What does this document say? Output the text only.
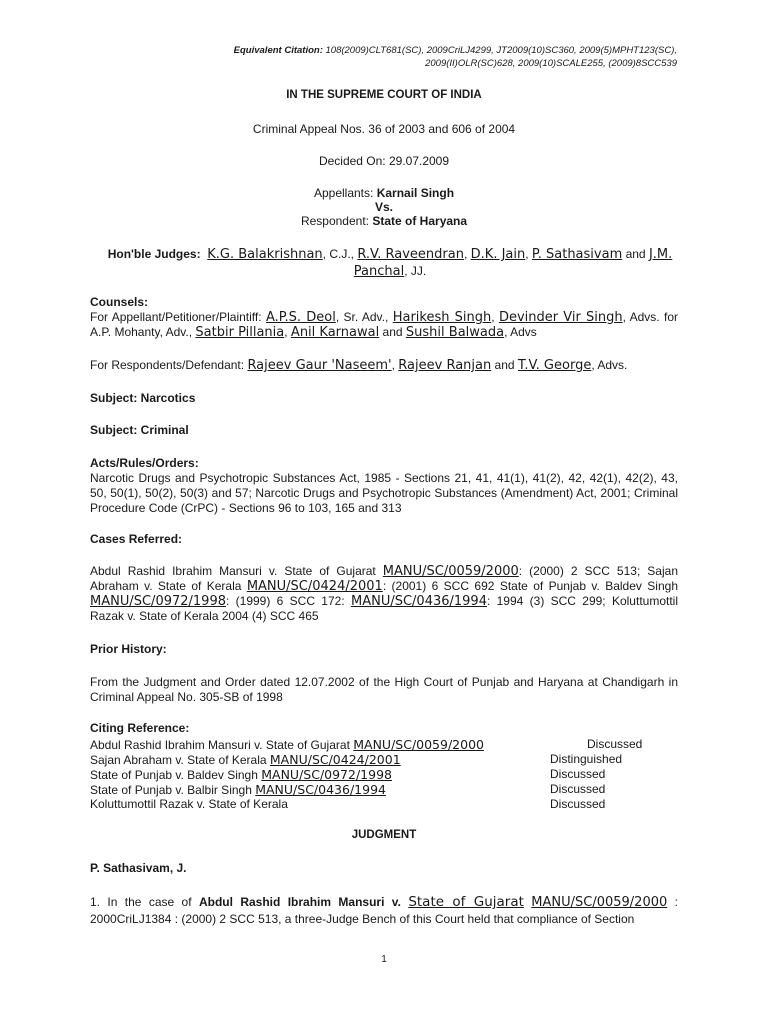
Equivalent Citation: 108(2009)CLT681(SC), 2009CriLJ4299, JT2009(10)SC360, 2009(5)MPHT123(SC),
2009(II)OLR(SC)628, 2009(10)SCALE255, (2009)8SCC539
IN THE SUPREME COURT OF INDIA
Criminal Appeal Nos. 36 of 2003 and 606 of 2004
Decided On: 29.07.2009
Appellants: Karnail Singh
Vs.
Respondent: State of Haryana
Hon'ble Judges: K.G. Balakrishnan, C.J., R.V. Raveendran, D.K. Jain, P. Sathasivam and J.M. Panchal, JJ.
Counsels:
For Appellant/Petitioner/Plaintiff: A.P.S. Deol, Sr. Adv., Harikesh Singh, Devinder Vir Singh, Advs. for A.P. Mohanty, Adv., Satbir Pillania, Anil Karnawal and Sushil Balwada, Advs
For Respondents/Defendant: Rajeev Gaur 'Naseem', Rajeev Ranjan and T.V. George, Advs.
Subject: Narcotics
Subject: Criminal
Acts/Rules/Orders:
Narcotic Drugs and Psychotropic Substances Act, 1985 - Sections 21, 41, 41(1), 41(2), 42, 42(1), 42(2), 43, 50, 50(1), 50(2), 50(3) and 57; Narcotic Drugs and Psychotropic Substances (Amendment) Act, 2001; Criminal Procedure Code (CrPC) - Sections 96 to 103, 165 and 313
Cases Referred:
Abdul Rashid Ibrahim Mansuri v. State of Gujarat MANU/SC/0059/2000: (2000) 2 SCC 513; Sajan Abraham v. State of Kerala MANU/SC/0424/2001: (2001) 6 SCC 692 State of Punjab v. Baldev Singh MANU/SC/0972/1998: (1999) 6 SCC 172: MANU/SC/0436/1994: 1994 (3) SCC 299; Koluttumottil Razak v. State of Kerala 2004 (4) SCC 465
Prior History:
From the Judgment and Order dated 12.07.2002 of the High Court of Punjab and Haryana at Chandigarh in Criminal Appeal No. 305-SB of 1998
Citing Reference:
Abdul Rashid Ibrahim Mansuri v. State of Gujarat MANU/SC/0059/2000	Discussed
Sajan Abraham v. State of Kerala MANU/SC/0424/2001	Distinguished
State of Punjab v. Baldev Singh MANU/SC/0972/1998	Discussed
State of Punjab v. Balbir Singh MANU/SC/0436/1994	Discussed
Koluttumottil Razak v. State of Kerala	Discussed
JUDGMENT
P. Sathasivam, J.
1. In the case of Abdul Rashid Ibrahim Mansuri v. State of Gujarat MANU/SC/0059/2000 : 2000CriLJ1384 : (2000) 2 SCC 513, a three-Judge Bench of this Court held that compliance of Section
1
